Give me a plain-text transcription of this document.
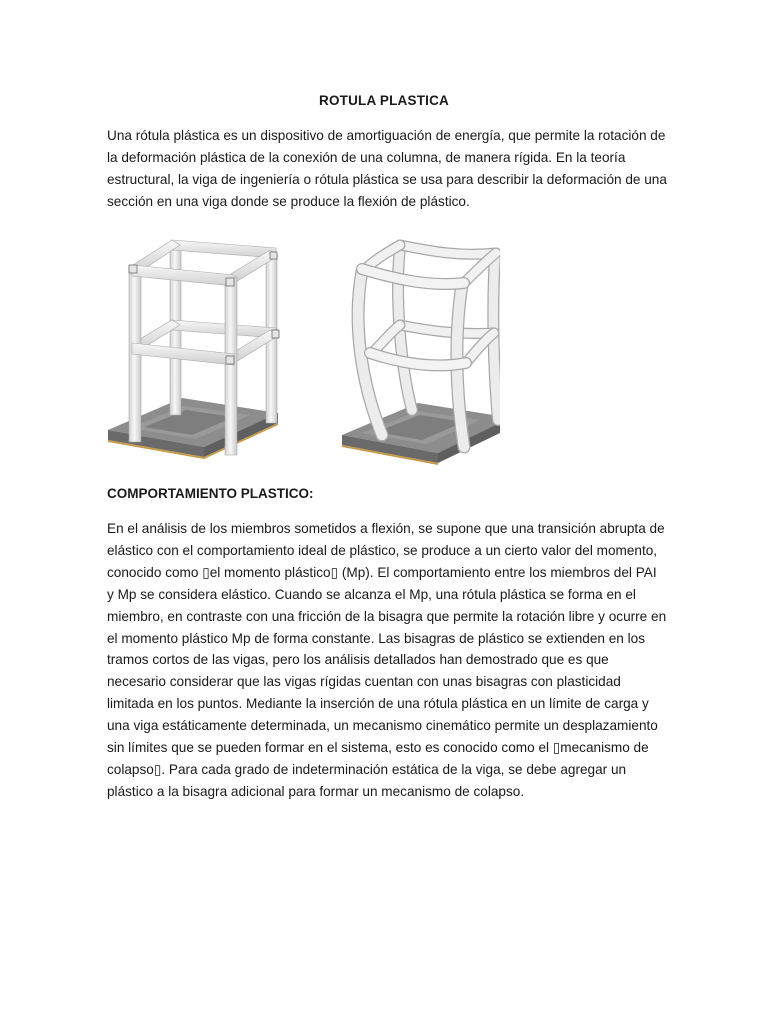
ROTULA PLASTICA

Una rótula plástica es un dispositivo de amortiguación de energía, que permite la rotación de la deformación plástica de la conexión de una columna, de manera rígida. En la teoría estructural, la viga de ingeniería o rótula plástica se usa para describir la deformación de una sección en una viga donde se produce la flexión de plástico.

COMPORTAMIENTO PLASTICO:

En el análisis de los miembros sometidos a flexión, se supone que una transición abrupta de elástico con el comportamiento ideal de plástico, se produce a un cierto valor del momento, conocido como ▯el momento plástico▯ (Mp). El comportamiento entre los miembros del PAI y Mp se considera elástico. Cuando se alcanza el Mp, una rótula plástica se forma en el miembro, en contraste con una fricción de la bisagra que permite la rotación libre y ocurre en el momento plástico Mp de forma constante. Las bisagras de plástico se extienden en los tramos cortos de las vigas, pero los análisis detallados han demostrado que es que necesario considerar que las vigas rígidas cuentan con unas bisagras con plasticidad limitada en los puntos. Mediante la inserción de una rótula plástica en un límite de carga y una viga estáticamente determinada, un mecanismo cinemático permite un desplazamiento sin límites que se pueden formar en el sistema, esto es conocido como el ▯mecanismo de colapso▯. Para cada grado de indeterminación estática de la viga, se debe agregar un plástico a la bisagra adicional para formar un mecanismo de colapso.
